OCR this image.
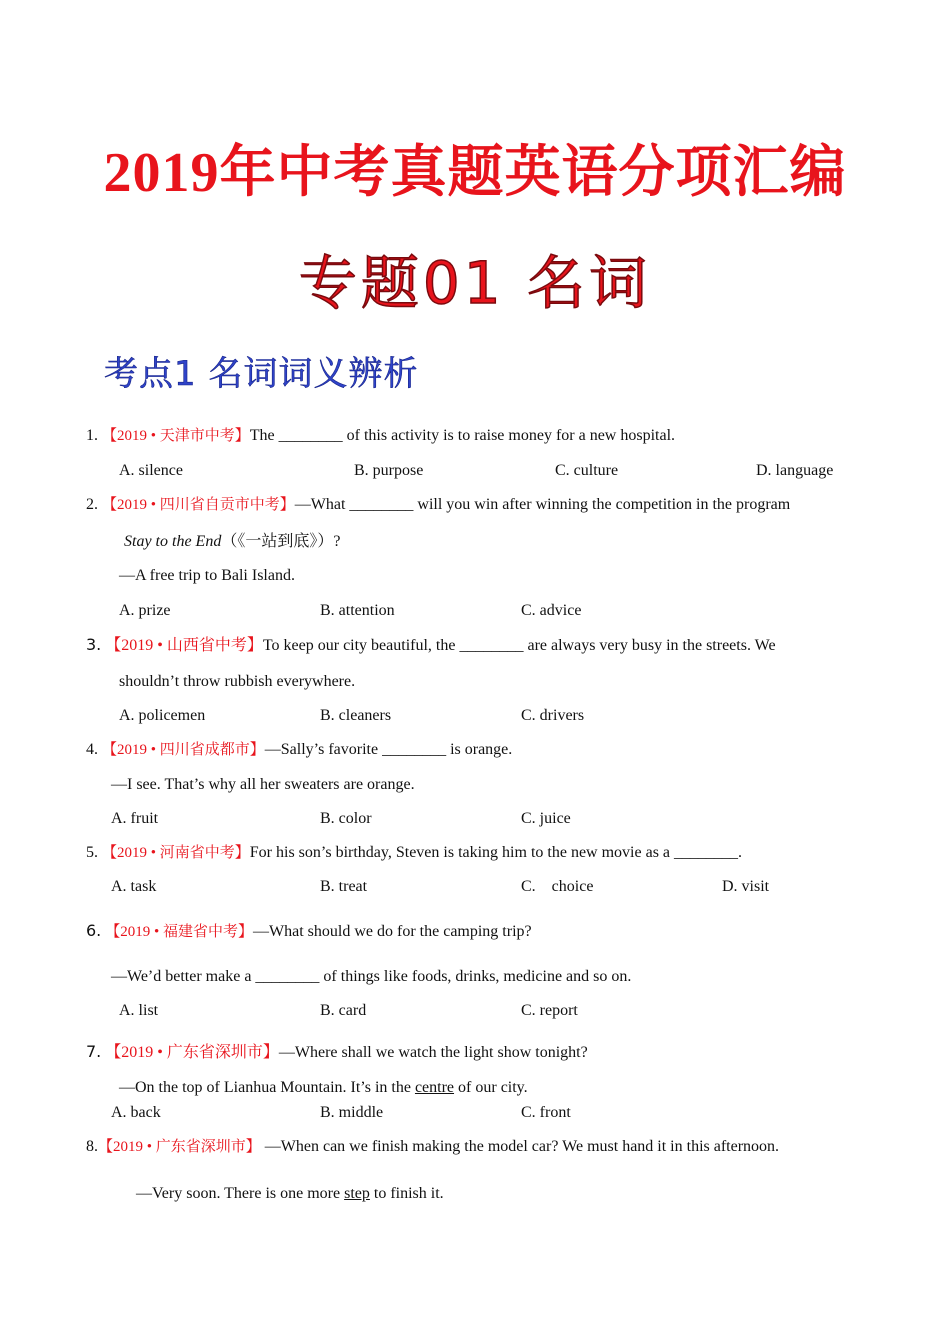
2019年中考真题英语分项汇编
专题01 名词
考点1 名词词义辨析
1. 【2019 • 天津市中考】The ________ of this activity is to raise money for a new hospital.
A. silence	B. purpose	C. culture	D. language
2. 【2019 • 四川省自贡市中考】—What ________ will you win after winning the competition in the program
Stay to the End（《一站到底》）?
—A free trip to Bali Island.
A. prize	B. attention	C. advice
3. 【2019 • 山西省中考】To keep our city beautiful, the ________ are always very busy in the streets. We
shouldn’t throw rubbish everywhere.
A. policemen	B. cleaners	C. drivers
4. 【2019 • 四川省成都市】—Sally’s favorite ________ is orange.
—I see. That’s why all her sweaters are orange.
A. fruit	B. color	C. juice
5. 【2019 • 河南省中考】For his son’s birthday, Steven is taking him to the new movie as a ________.
A. task	B. treat	C.    choice	D. visit
6. 【2019 • 福建省中考】—What should we do for the camping trip?
—We’d better make a ________ of things like foods, drinks, medicine and so on.
A. list	B. card	C. report
7. 【2019 • 广东省深圳市】—Where shall we watch the light show tonight?
—On the top of Lianhua Mountain. It’s in the centre of our city.
A. back	B. middle	C. front
8.【2019 • 广东省深圳市】 —When can we finish making the model car? We must hand it in this afternoon.
—Very soon. There is one more step to finish it.
